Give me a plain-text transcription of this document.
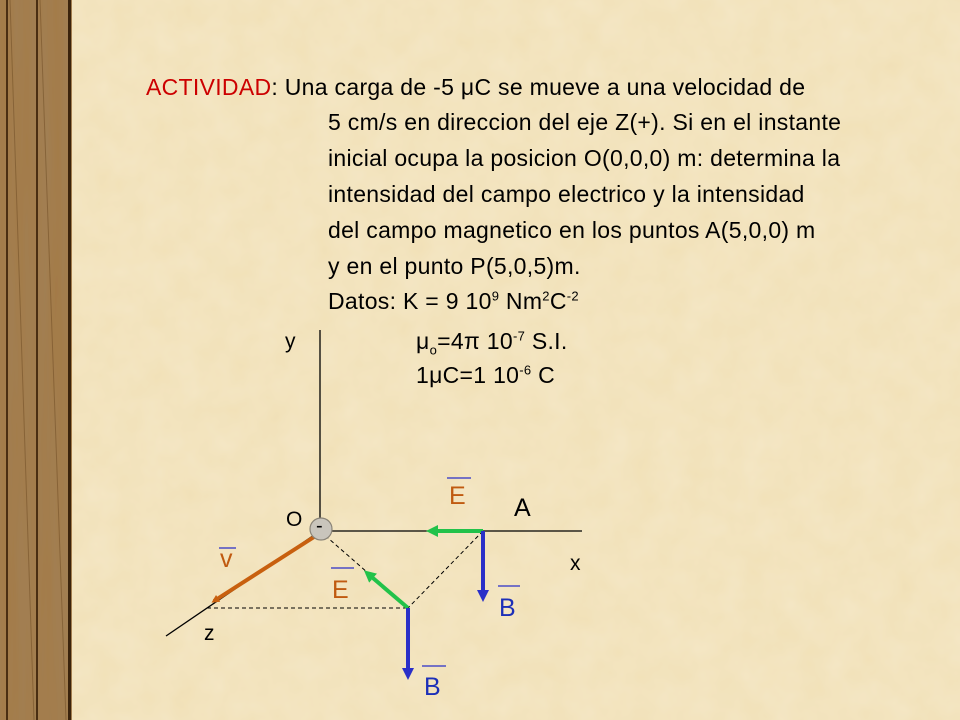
ACTIVIDAD: Una carga de -5 μC se mueve a una velocidad de
5 cm/s en direccion del eje Z(+). Si en el instante
inicial ocupa la posicion O(0,0,0) m: determina la
intensidad del campo electrico y la intensidad
del campo magnetico en los puntos A(5,0,0) m
y en el punto P(5,0,5)m.
Datos: K = 9 $10^9$ $Nm^2C^{-2}$
$\mu_o=4\pi$ $10^{-7}$ S.I.
1μC=1 $10^{-6}$ C
-
y
x
z
O	A
v
E
B
E
B
